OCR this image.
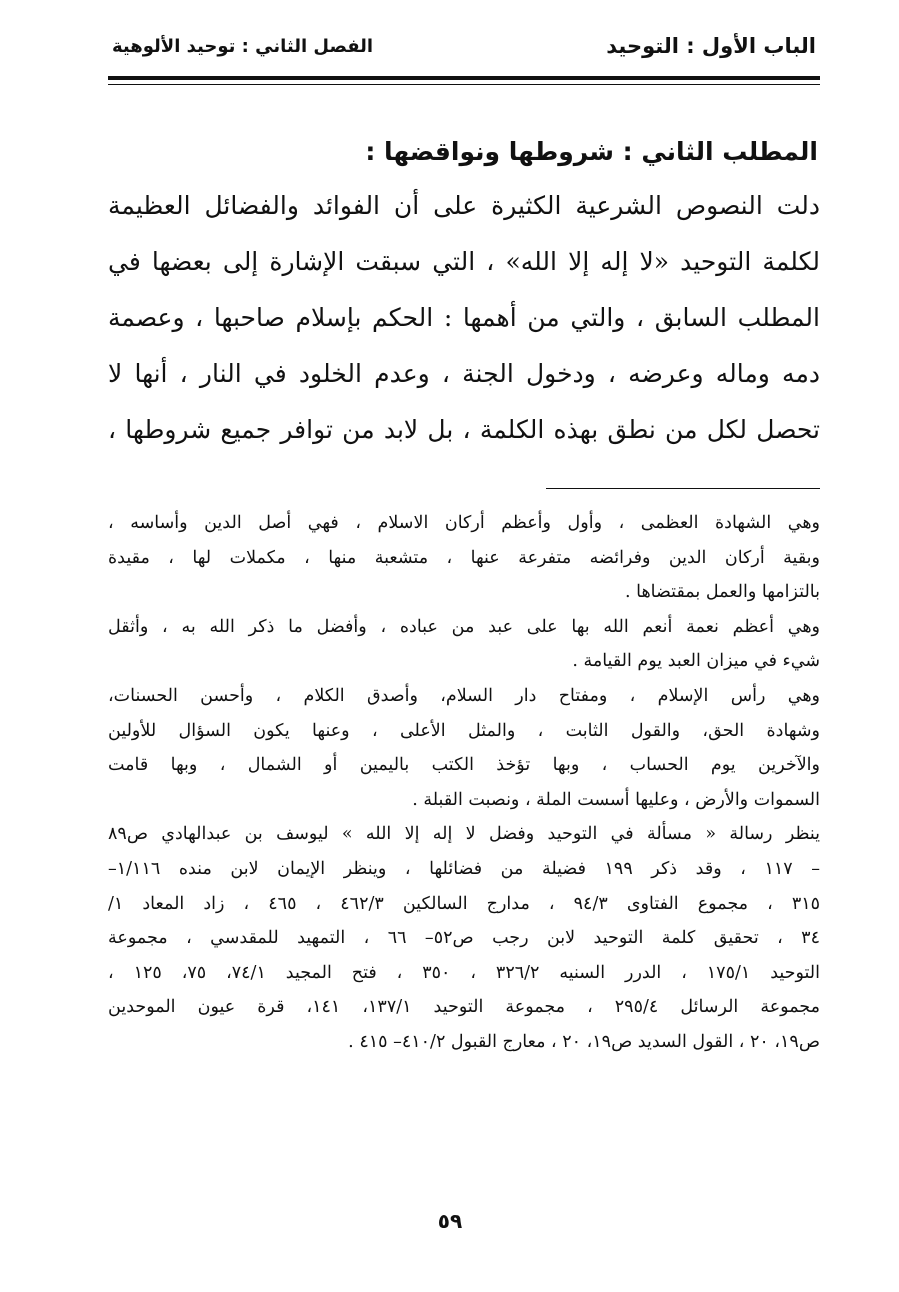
الباب الأول : التوحيد
الفصل الثاني : توحيد الألوهية
المطلب الثاني : شروطها ونواقضها :
دلت النصوص الشرعية الكثيرة على أن الفوائد والفضائل العظيمة
لكلمة التوحيد «لا إله إلا الله» ، التي سبقت الإشارة إلى بعضها في
المطلب السابق ، والتي من أهمها : الحكم بإسلام صاحبها ، وعصمة
دمه وماله وعرضه ، ودخول الجنة ، وعدم الخلود في النار ، أنها لا
تحصل لكل من نطق بهذه الكلمة ، بل لابد من توافر جميع شروطها ،
وهي الشهادة العظمى ، وأول وأعظم أركان الاسلام ، فهي أصل الدين وأساسه ،
وبقية أركان الدين وفرائضه متفرعة عنها ، متشعبة منها ، مكملات لها ، مقيدة
بالتزامها والعمل بمقتضاها .
وهي أعظم نعمة أنعم الله بها على عبد من عباده ، وأفضل ما ذكر الله به ، وأثقل
شيء في ميزان العبد يوم القيامة .
وهي رأس الإسلام ، ومفتاح دار السلام، وأصدق الكلام ، وأحسن الحسنات،
وشهادة الحق، والقول الثابت ، والمثل الأعلى ، وعنها يكون السؤال للأولين
والآخرين يوم الحساب ، وبها تؤخذ الكتب باليمين أو الشمال ، وبها قامت
السموات والأرض ، وعليها أسست الملة ، ونصبت القبلة .
ينظر رسالة « مسألة في التوحيد وفضل لا إله إلا الله » ليوسف بن عبدالهادي ص٨٩
– ١١٧ ، وقد ذكر ١٩٩ فضيلة من فضائلها ، وينظر الإيمان لابن منده ١/١١٦–
٣١٥ ، مجموع الفتاوى ٩٤/٣ ، مدارج السالكين ٤٦٢/٣ ، ٤٦٥ ، زاد المعاد ١/
٣٤ ، تحقيق كلمة التوحيد لابن رجب ص٥٢– ٦٦ ، التمهيد للمقدسي ، مجموعة
التوحيد ١٧٥/١ ، الدرر السنيه ٣٢٦/٢ ، ٣٥٠ ، فتح المجيد ٧٤/١، ٧٥، ١٢٥ ،
مجموعة الرسائل ٢٩٥/٤ ، مجموعة التوحيد ١٣٧/١، ١٤١، قرة عيون الموحدين
ص١٩، ٢٠ ، القول السديد ص١٩، ٢٠ ، معارج القبول ٤١٠/٢– ٤١٥ .
٥٩
